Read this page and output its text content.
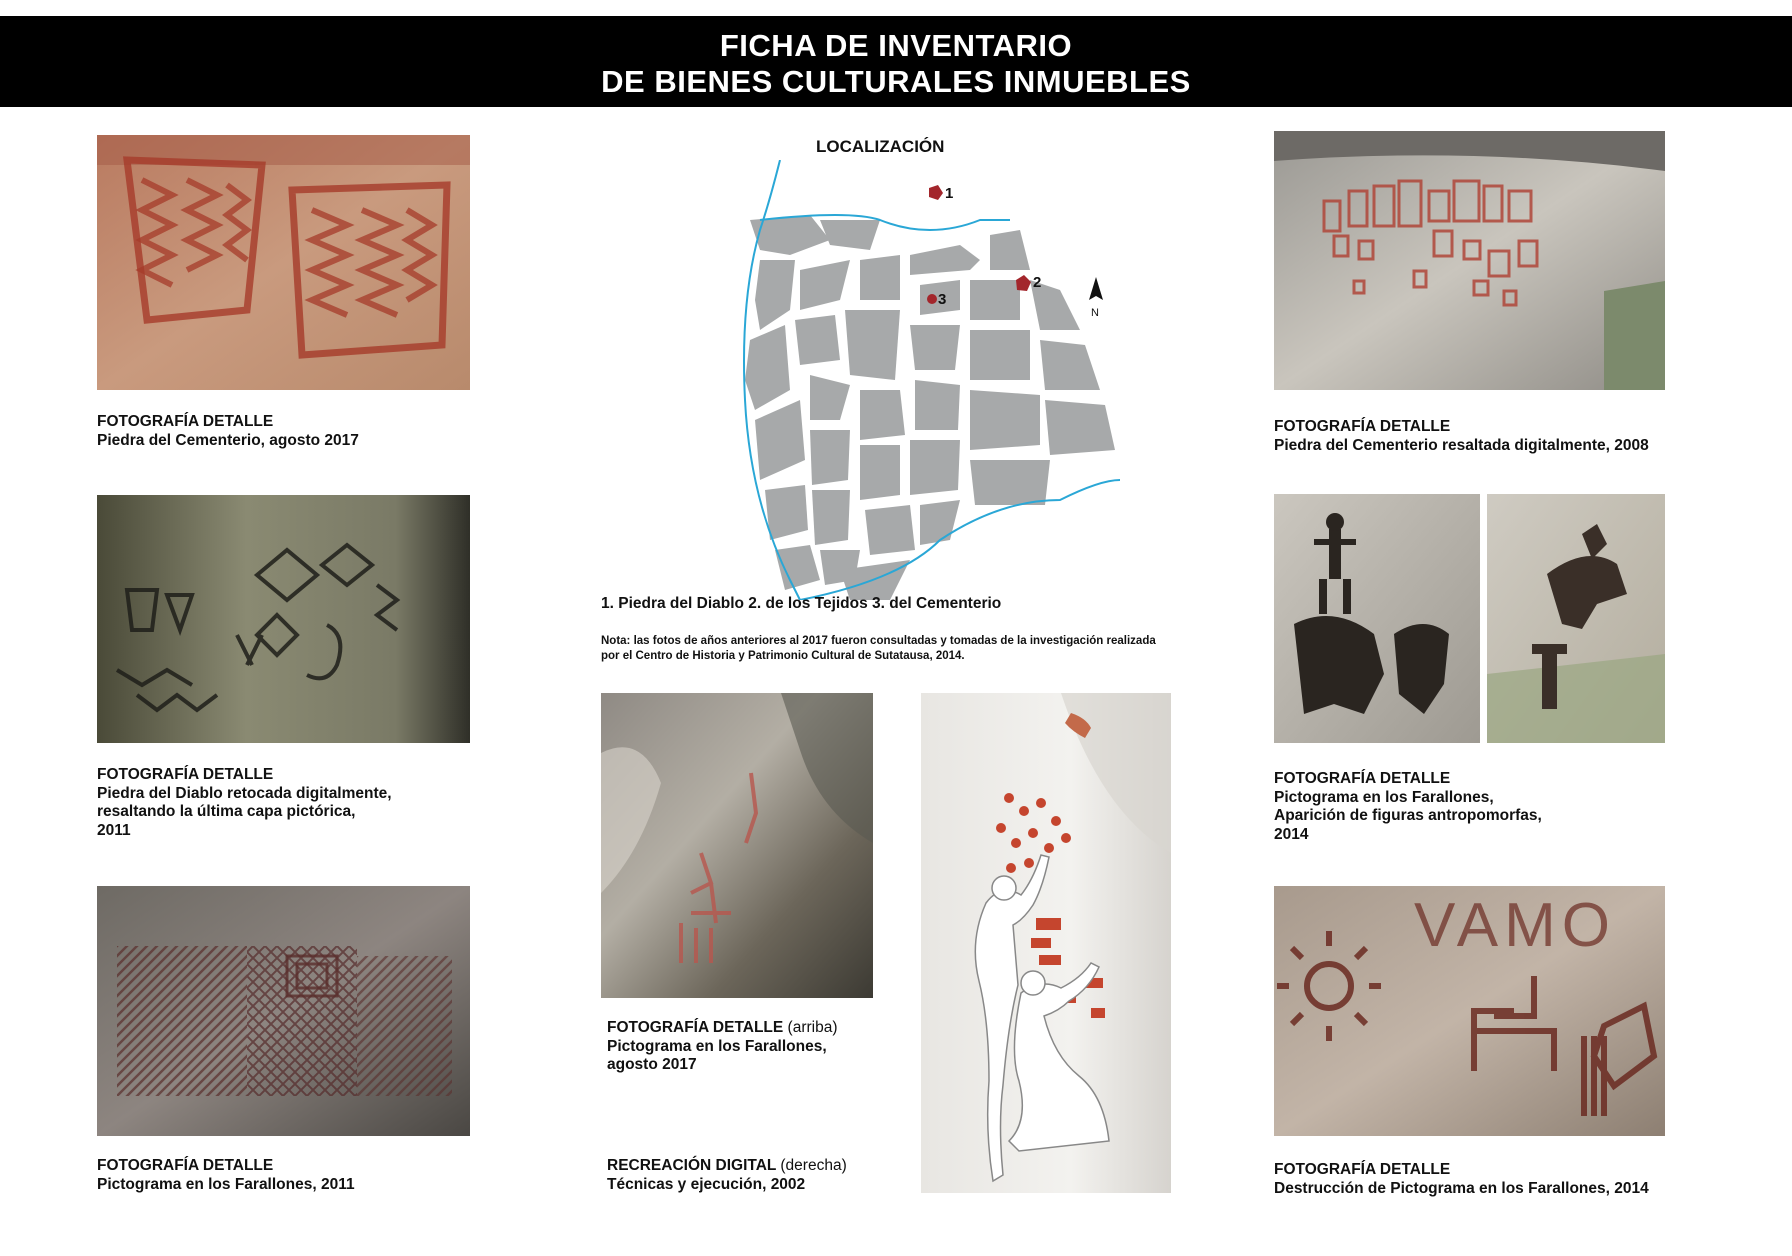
FICHA DE INVENTARIO
DE BIENES CULTURALES INMUEBLES
FOTOGRAFÍA DETALLE
Piedra del Cementerio, agosto 2017
FOTOGRAFÍA DETALLE
Piedra del Diablo retocada digitalmente,
resaltando la última capa pictórica,
2011
FOTOGRAFÍA DETALLE
Pictograma en los Farallones, 2011
LOCALIZACIÓN
1
2
3
N
1. Piedra del Diablo 2. de los Tejidos 3. del Cementerio
Nota: las fotos de años anteriores al 2017 fueron consultadas y tomadas de la investigación realizada por el Centro de Historia y Patrimonio Cultural de Sutatausa, 2014.
FOTOGRAFÍA DETALLE (arriba)
Pictograma en los Farallones,
agosto 2017
RECREACIÓN DIGITAL (derecha)
Técnicas y ejecución, 2002
FOTOGRAFÍA DETALLE
Piedra del Cementerio resaltada digitalmente, 2008
FOTOGRAFÍA DETALLE
Pictograma en los Farallones,
Aparición de figuras antropomorfas,
2014
VAMO
FOTOGRAFÍA DETALLE
Destrucción de Pictograma en los Farallones, 2014
